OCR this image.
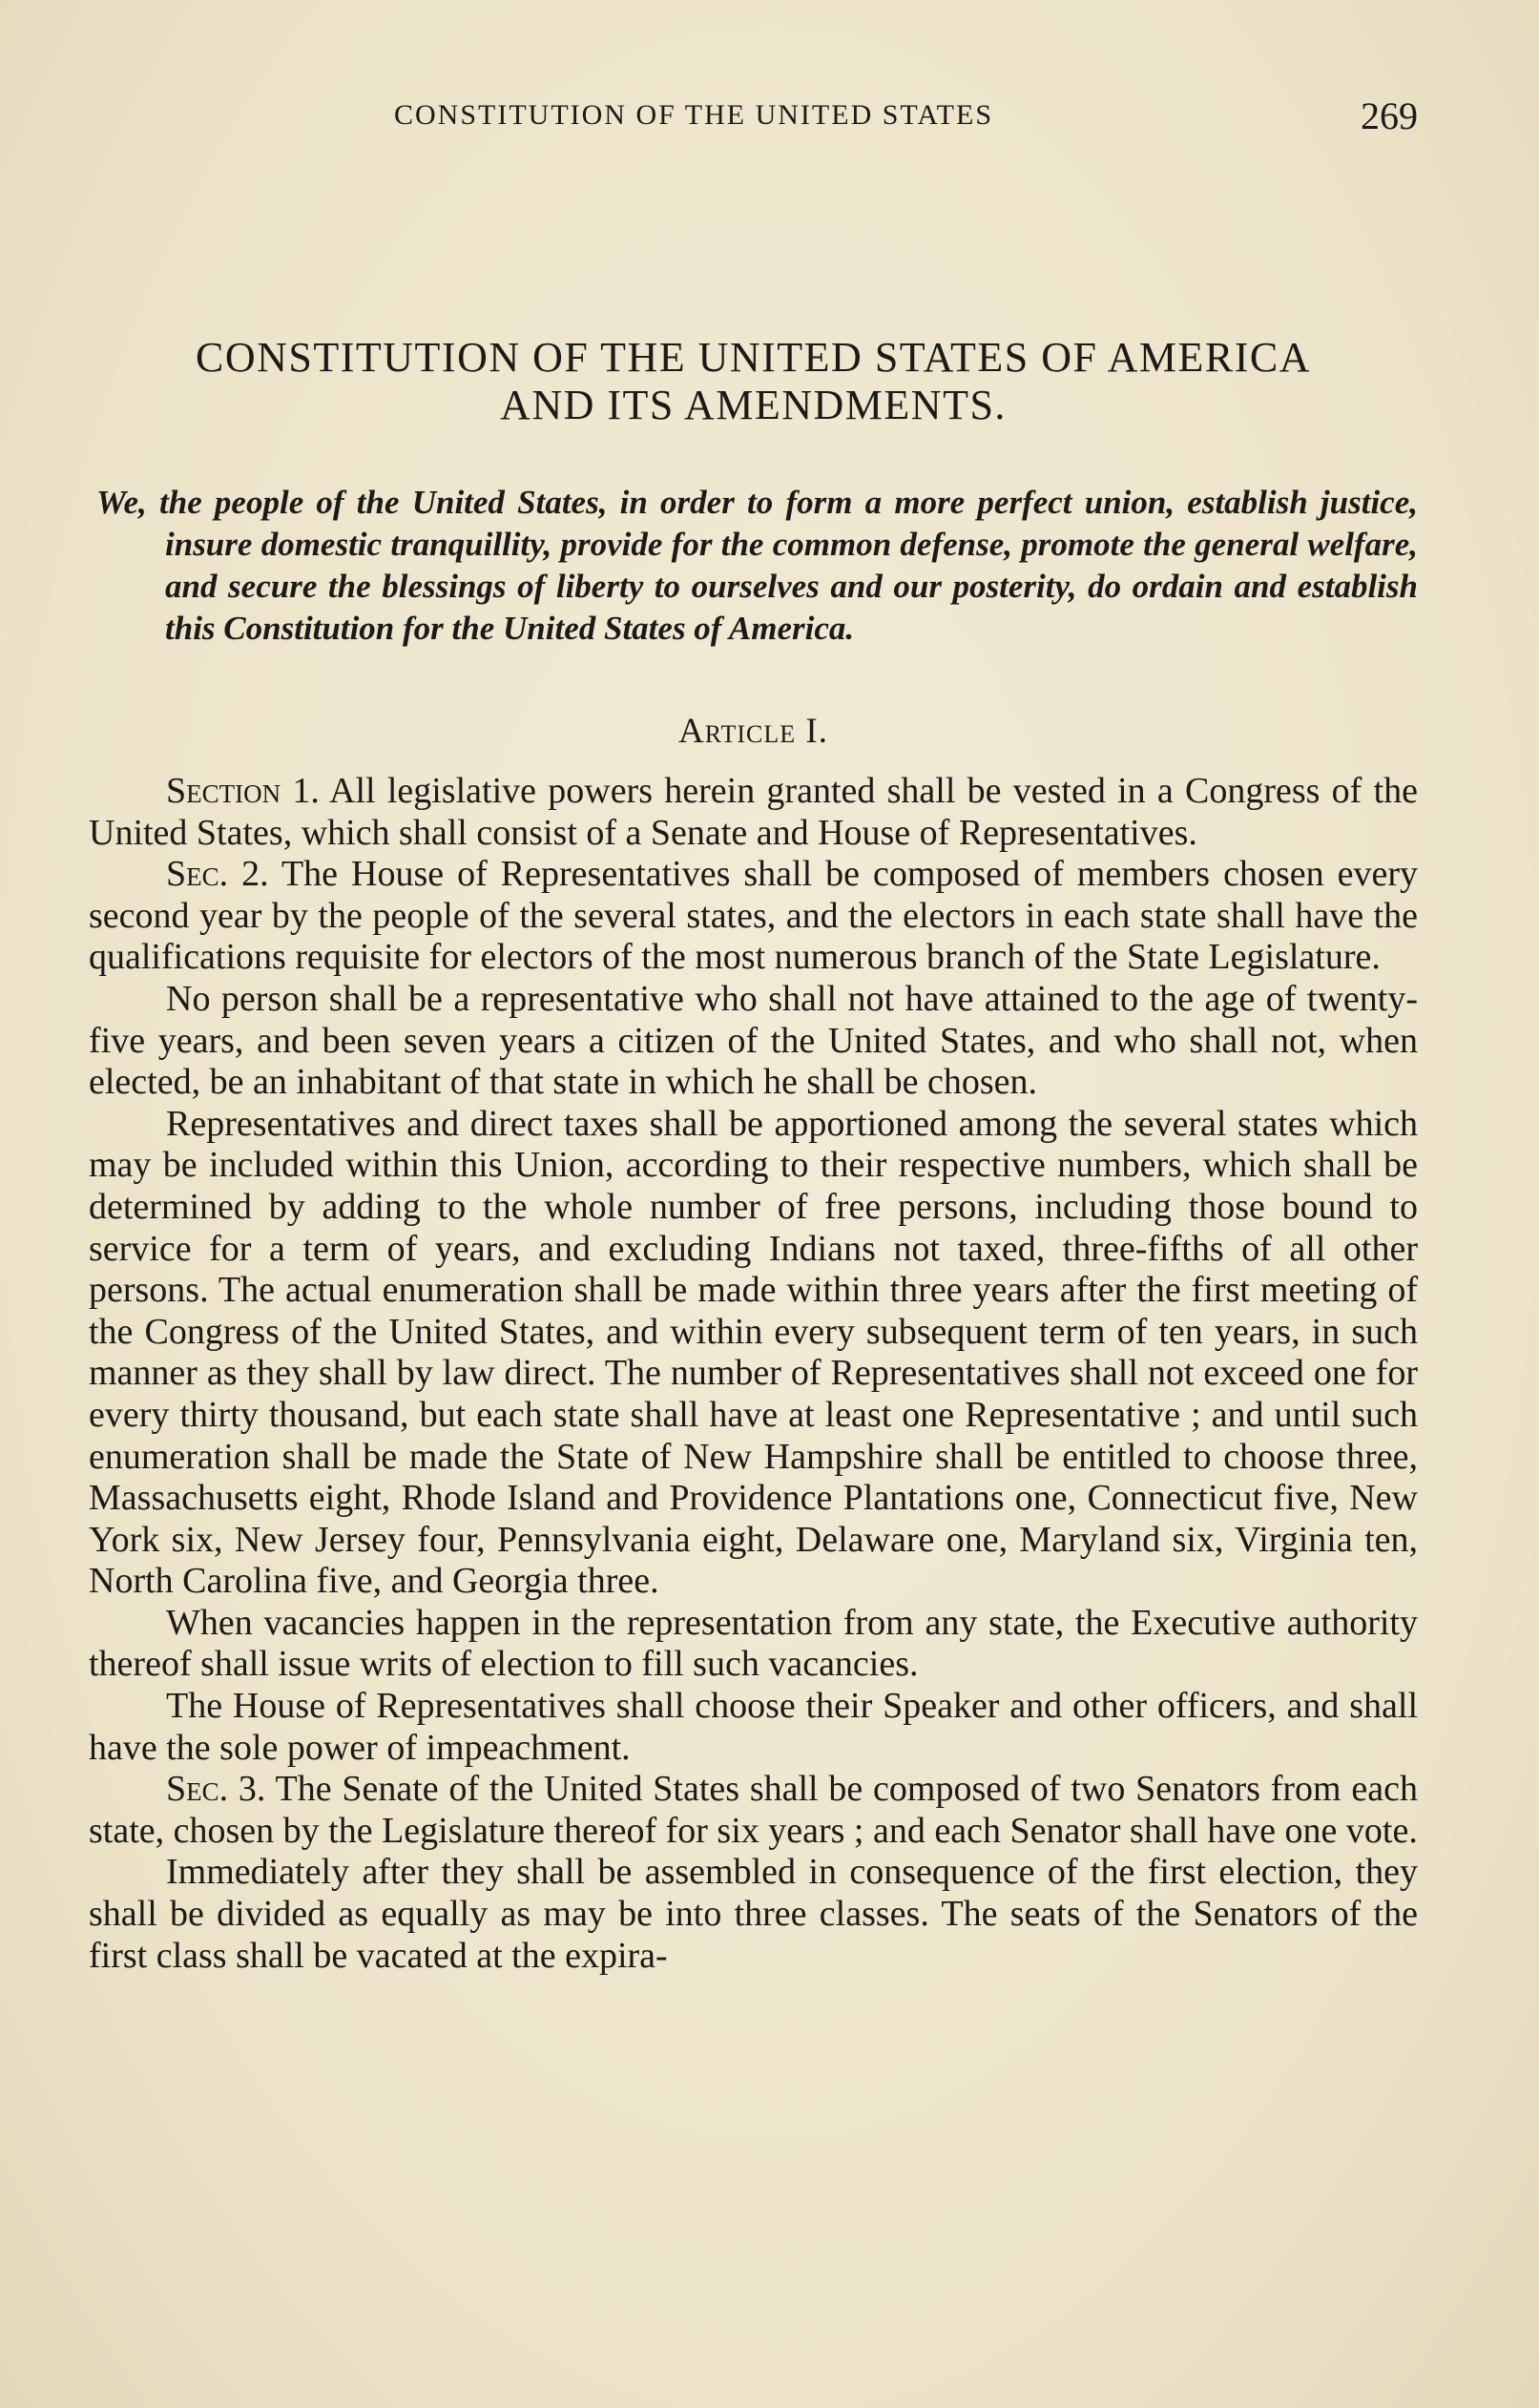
CONSTITUTION OF THE UNITED STATES	269
CONSTITUTION OF THE UNITED STATES OF AMERICA
AND ITS AMENDMENTS.
We, the people of the United States, in order to form a more perfect union, establish justice, insure domestic tranquillity, provide for the common defense, promote the general welfare, and secure the blessings of liberty to ourselves and our posterity, do ordain and establish this Constitution for the United States of America.
Article I.

Section 1. All legislative powers herein granted shall be vested in a Congress of the United States, which shall consist of a Senate and House of Representatives.

Sec. 2. The House of Representatives shall be composed of members chosen every second year by the people of the several states, and the electors in each state shall have the qualifications requisite for electors of the most numerous branch of the State Legislature.

No person shall be a representative who shall not have attained to the age of twenty-five years, and been seven years a citizen of the United States, and who shall not, when elected, be an inhabitant of that state in which he shall be chosen.

Representatives and direct taxes shall be apportioned among the several states which may be included within this Union, according to their respective numbers, which shall be determined by adding to the whole number of free persons, including those bound to service for a term of years, and excluding Indians not taxed, three-fifths of all other persons. The actual enumeration shall be made within three years after the first meeting of the Congress of the United States, and within every subsequent term of ten years, in such manner as they shall by law direct. The number of Representatives shall not exceed one for every thirty thousand, but each state shall have at least one Representative ; and until such enumeration shall be made the State of New Hampshire shall be entitled to choose three, Massachusetts eight, Rhode Island and Providence Plantations one, Connecticut five, New York six, New Jersey four, Pennsylvania eight, Delaware one, Maryland six, Virginia ten, North Carolina five, and Georgia three.

When vacancies happen in the representation from any state, the Executive authority thereof shall issue writs of election to fill such vacancies.

The House of Representatives shall choose their Speaker and other officers, and shall have the sole power of impeachment.

Sec. 3. The Senate of the United States shall be composed of two Senators from each state, chosen by the Legislature thereof for six years ; and each Senator shall have one vote.

Immediately after they shall be assembled in consequence of the first election, they shall be divided as equally as may be into three classes. The seats of the Senators of the first class shall be vacated at the expira-
